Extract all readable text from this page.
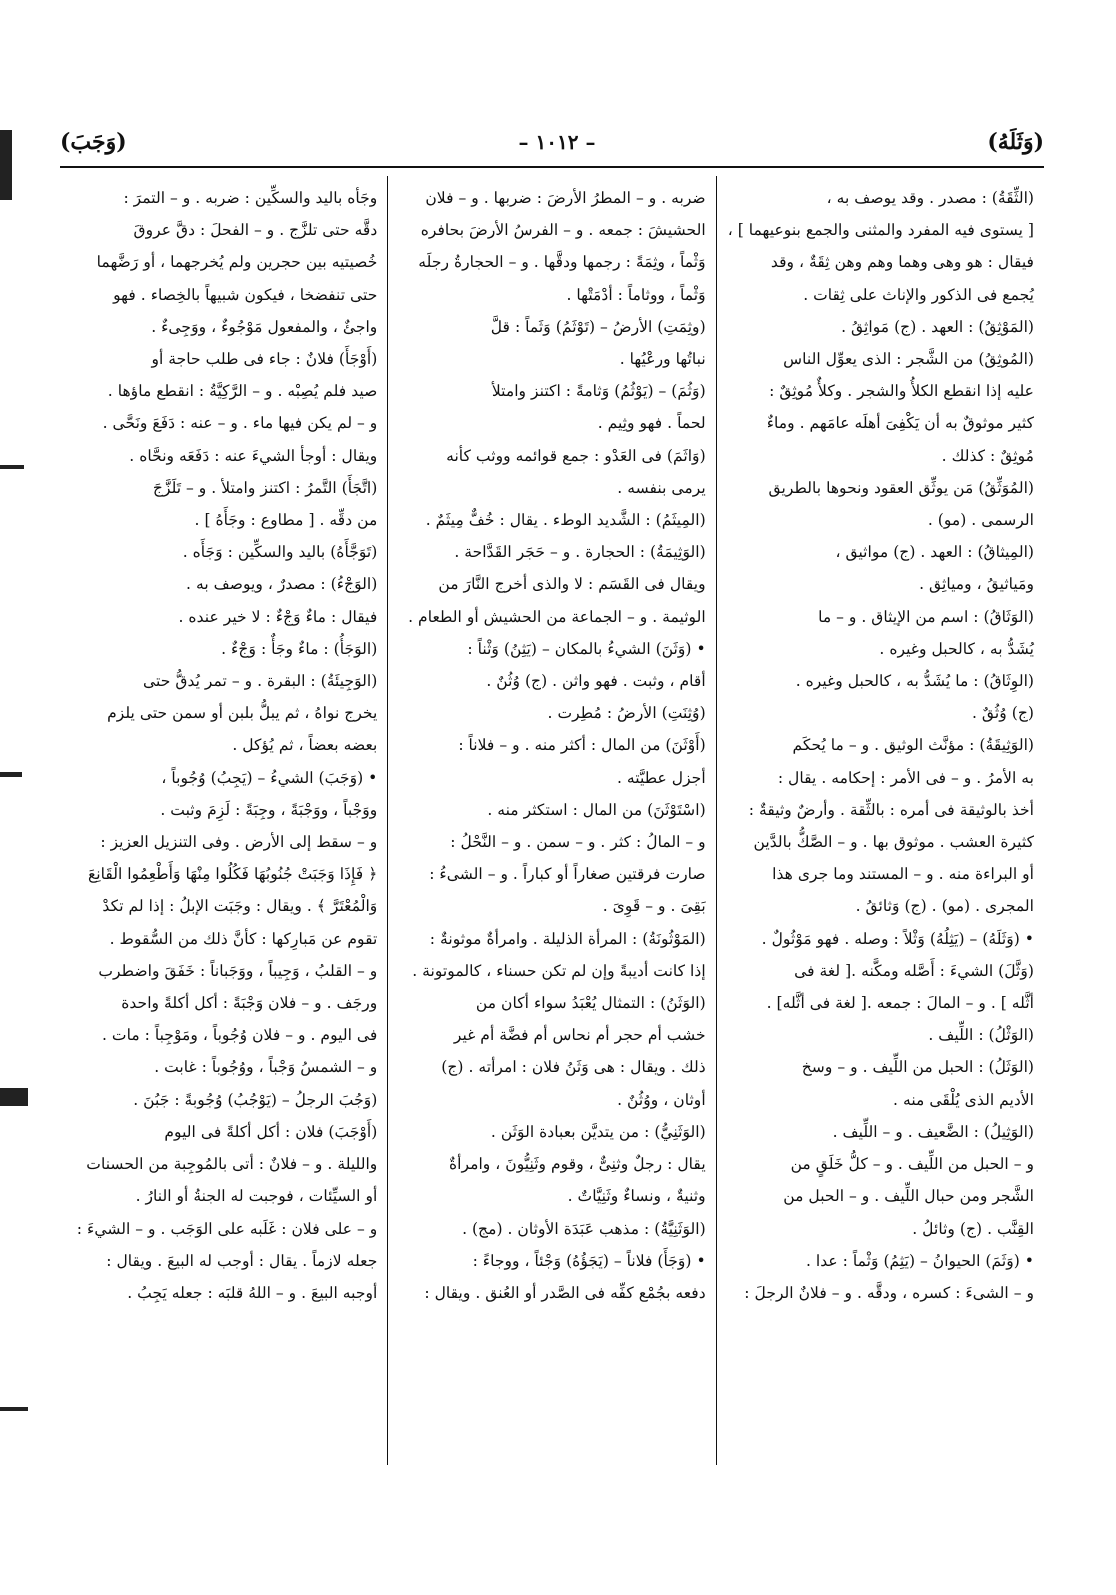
(وَثَلَهُ)
– ١٠١٢ –
(وَجَبَ)

(الثِّقَةُ) : مصدر . وقد يوصف به ،

[ يستوى فيه المفرد والمثنى والجمع بنوعيهما ] ،

فيقال : هو وهى وهما وهم وهن ثِقَةٌ ، وقد

يُجمع فى الذكور والإناث على ثِقات .

(المَوْثِقُ) : العهد . (ج) مَواثِقُ .

(المُوثِقُ) من الشَّجر : الذى يعوِّل الناس

عليه إذا انقطع الكلأُ والشجر . وكلأٌ مُوثِقٌ :

كثير موثوقٌ به أن يَكْفِىَ أهلَه عامَهم . وماءٌ

مُوثِقٌ : كذلك .

(المُوَثِّقُ) مَن يوثِّق العقود ونحوها بالطريق

الرسمى . (مو) .

(المِيثاقُ) : العهد . (ج) مواثيق ،

ومَياثيقُ ، ومياثِق .

(الوَثَاقُ) : اسم من الإيثاق . و – ما

يُشَدُّ به ، كالحبل وغيره .

(الوِثَاقُ) : ما يُشَدُّ به ، كالحبل وغيره .

(ج) وُثُقٌ .

(الوَثِيقَةُ) : مؤنَّث الوثيق . و – ما يُحكَم

به الأمرُ . و – فى الأمر : إحكامه . يقال :

أخذ بالوثيقة فى أمره : بالثِّقة . وأرضٌ وثيقةٌ :

كثيرة العشب . موثوق بها . و – الصَّكُّ بالدَّين

أو البراءة منه . و – المستند وما جرى هذا

المجرى . (مو) . (ج) وَثائقُ .

• (وَثَلَهُ) – (يَثِلُهُ) وَثْلاً : وصله . فهو مَوْثُولٌ .

(وَثَّلَ) الشيءَ : أَصَّله ومكَّنه .[ لغة فى

أثَّله ] . و – المالَ : جمعه .[ لغة فى أثَّله] .

(الوَثْلُ) : اللِّيف .

(الوَثَلُ) : الحبل من اللِّيف . و – وسخ

الأديم الذى يُلْقَى منه .

(الوَثِيلُ) : الضَّعيف . و – اللِّيف .

و – الحبل من اللِّيف . و – كلُّ خَلَقٍ من

الشَّجر ومن حبال اللِّيف . و – الحبل من

القِنَّب . (ج) وثائلُ .

• (وَثَمَ) الحيوانُ – (يَثِمُ) وَثْماً : عدا .

و – الشىءَ : كسره ، ودقَّه . و – فلانٌ الرجلَ :

ضربه . و – المطرُ الأرضَ : ضربها . و – فلان

الحشيشَ : جمعه . و – الفرسُ الأرضَ بحافره

وَثْماً ، وثِمَةً : رجمها ودقَّها . و – الحجارةُ رجلَه

وَثْماً ، ووثاماً : أدْمَتْها .

(وثِمَتِ) الأرضُ – (تَوْثَمُ) وَثَماً : قلَّ

نباتُها ورعْيُها .

(وَثُمَ) – (يَوْثُمُ) وَثامةً : اكتنز وامتلأ

لحماً . فهو وثِيم .

(وَاثَمَ) فى العَدْو : جمع قوائمه ووثب كأنه

يرمى بنفسه .

(المِيثَمُ) : الشَّديد الوطء . يقال : خُفٌّ مِيثَمٌ .

(الوَثِيمَةُ) : الحجارة . و – حَجَر القَدَّاحة .

ويقال فى القَسَم : لا والذى أخرج النَّارَ من

الوثيمة . و – الجماعة من الحشيش أو الطعام .

• (وَثَنَ) الشيءُ بالمكان – (يَثِنُ) وَثْناً :

أقام ، وثبت . فهو واثن . (ج) وُثُنٌ .

(وُثِنَتِ) الأرضُ : مُطِرت .

(أَوْثَنَ) من المال : أكثر منه . و – فلاناً :

أجزل عطيَّته .

(اسْتَوْثَنَ) من المال : استكثر منه .

و – المالُ : كثر . و – سمن . و – النَّحْلُ :

صارت فرقتين صغاراً أو كباراً . و – الشىءُ :

بَقِىَ . و – قَوِىَ .

(المَوْثُونَةُ) : المرأة الذليلة . وامرأةٌ موثونةٌ :

إذا كانت أديبةً وإن لم تكن حسناء ، كالموتونة .

(الوَثَنُ) : التمثال يُعْبَدُ سواء أكان من

خشب أم حجر أم نحاس أم فضَّة أم غير

ذلك . ويقال : هى وَثَنُ فلان : امرأته . (ج)

أوثان ، ووُثُنٌ .

(الوَثَنِيُّ) : من يتديَّن بعبادة الوَثَن .

يقال : رجلٌ وثنِىٌّ ، وقوم وثَنِيُّونَ ، وامرأةٌ

وثنيةٌ ، ونساءٌ وثَنِيَّاتٌ .

(الوَثَنِيَّةُ) : مذهب عَبَدَة الأوثان . (مج) .

• (وَجَأَ) فلاناً – (يَجَؤُهُ) وَجْئاً ، ووجاءً :

دفعه بجُمْع كفِّه فى الصَّدر أو العُنق . ويقال :

وجَأه باليد والسكِّين : ضربه . و – التمرَ :

دقَّه حتى تلزَّج . و – الفحلَ : دقَّ عروقَ

خُصيتيه بين حجرين ولم يُخرجهما ، أو رَضَّهما

حتى تنفضخا ، فيكون شبيهاً بالخِصاء . فهو

واجئٌ ، والمفعول مَوْجُوءٌ ، ووَجِىءٌ .

(أَوْجَأَ) فلانٌ : جاء فى طلب حاجة أو

صيد فلم يُصِبْه . و – الرَّكِيَّةُ : انقطع ماؤها .

و – لم يكن فيها ماء . و – عنه : دَفَعَ ونَحَّى .

ويقال : أوجأ الشيءَ عنه : دَفَعَه ونحَّاه .

(اتَّجَأَ) التَّمرُ : اكتنز وامتلأ . و – تَلَزَّجَ

من دقِّه . [ مطاوع : وجَأَهُ ] .

(تَوَجَّأَهُ) باليد والسكِّين : وَجَأَه .

(الوَجْءُ) : مصدرٌ ، ويوصف به .

فيقال : ماءٌ وَجْءٌ : لا خير عنده .

(الوَجَأُ) : ماءٌ وجَأٌ : وَجْءٌ .

(الوَجِيئَةُ) : البقرة . و – تمر يُدقُّ حتى

يخرج نواهُ ، ثم يبلُّ بلبن أو سمن حتى يلزم

بعضه بعضاً ، ثم يُؤكل .

• (وَجَبَ) الشيءُ – (يَجِبُ) وُجُوباً ،

ووَجْباً ، ووَجْبَةً ، وجِبَةً : لَزِمَ وثبت .

و – سقط إلى الأرض . وفى التنزيل العزيز :

﴿ فَإِذَا وَجَبَتْ جُنُوبُهَا فَكُلُوا مِنْهَا وَأَطْعِمُوا الْقَانِعَ

وَالْمُعْتَرَّ ﴾ . ويقال : وجَبَت الإبلُ : إذا لم تكدْ

تقوم عن مَبارِكها : كأنَّ ذلك من السُّقوط .

و – القلبُ ، وَجِيباً ، ووَجَباناً : خَفَقَ واضطرب

ورجَف . و – فلان وَجْبَةً : أكل أكلةً واحدة

فى اليوم . و – فلان وُجُوباً ، ومَوْجِباً : مات .

و – الشمسُ وَجْباً ، ووُجُوباً : غابت .

(وَجُبَ الرجلُ – (يَوْجُبُ) وُجُوبةً : جَبُنَ .

(أَوْجَبَ) فلان : أكل أكلةً فى اليوم

والليلة . و – فلانٌ : أتى بالمُوجِبة من الحسنات

أو السيِّئات ، فوجبت له الجنةُ أو النارُ .

و – على فلان : غَلَبه على الوَجَب . و – الشيءَ :

جعله لازماً . يقال : أوجب له البيعَ . ويقال :

أوجبه البيعَ . و – اللهُ قلبَه : جعله يَجِبُ .
